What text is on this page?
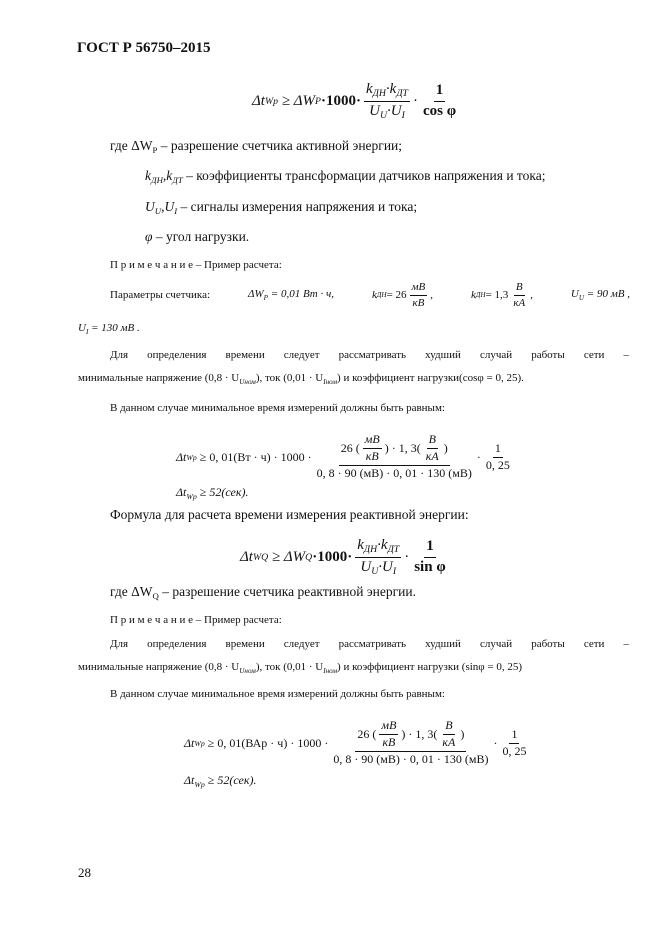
ГОСТ Р 56750–2015
Δt Wp ≥ ΔW $P \cdot 1000\cdot \frac{k_{ДН}\cdot k_{ДТ}}{U_U\cdot U_I} \cdot \frac{1}{\text{cos φ}}$
где $\Delta W_P$ – разрешение счетчика активной энергии;
$k_{ДН},k_{ДТ}$ – коэффициенты трансформации датчиков напряжения и тока;
$U_U,U_I$ – сигналы измерения напряжения и тока;
φ – угол нагрузки.
П р и м е ч а н и е – Пример расчета:
Параметры счетчика:	$\Delta W_P = 0,01$ Вт · ч,	k ДН = $26 \frac{мВ}{кВ}$ ,	k ДН = $1,3 \frac{В}{кА}$ ,	$U_U = 90$ мВ ,
$U_I = 130$ мВ .
Для определения времени следует рассматривать худший случай работы сети –
минимальные напряжение $(0,8 \cdot U_{Uном})$, ток $(0,01 \cdot U_{Iном})$ и коэффициент нагрузки(cosφ = 0, 25).
В данном случае минимальное время измерений должны быть равным:
Δt Wp ≥ 0, $01(Вт \cdot ч) \cdot 1000 \cdot \frac{26 ( \frac{мВ}{кВ} ) \cdot 1, 3( \frac{В}{кА} )}{0, 8 \cdot 90 (мВ) \cdot 0, 01 \cdot 130 (мВ)} \cdot \frac{1}{0, 25}$
$\Delta t_{Wp} \ge 52(сек)$.
Формула для расчета времени измерения реактивной энергии:
Δt WQ ≥ ΔW $Q \cdot 1000\cdot \frac{k_{ДН}\cdot k_{ДТ}}{U_U\cdot U_I} \cdot \frac{1}{\text{sin φ}}$
где $\Delta W_Q$ – разрешение счетчика реактивной энергии.
П р и м е ч а н и е – Пример расчета:
Для определения времени следует рассматривать худший случай работы сети –
минимальные напряжение $(0,8 \cdot U_{Uном})$, ток $(0,01 \cdot U_{Iном})$ и коэффициент нагрузки (sinφ = 0, 25)
В данном случае минимальное время измерений должны быть равным:
Δt Wp ≥ 0, $01(ВАр \cdot ч) \cdot 1000 \cdot \frac{26 ( \frac{мВ}{кВ} ) \cdot 1, 3( \frac{В}{кА} )}{0, 8 \cdot 90 (мВ) \cdot 0, 01 \cdot 130 (мВ)} \cdot \frac{1}{0, 25}$
$\Delta t_{Wp} \ge 52(сек)$.
28
